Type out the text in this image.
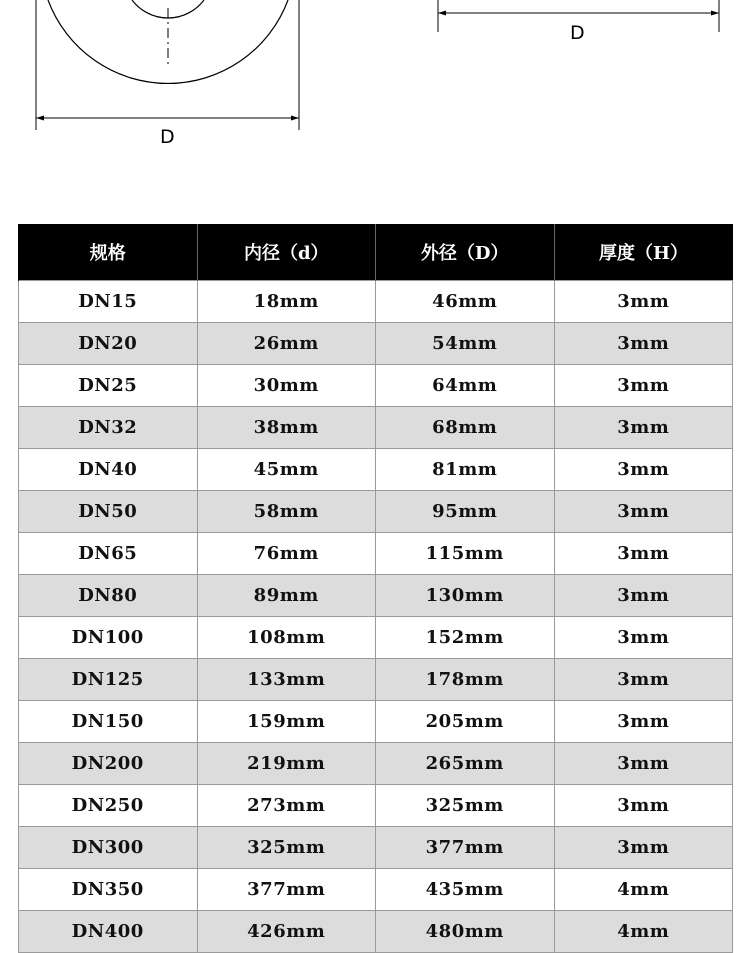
D
D
规格	内径（d）	外径（D）	厚度（H）
DN15	18mm	46mm	3mm
DN20	26mm	54mm	3mm
DN25	30mm	64mm	3mm
DN32	38mm	68mm	3mm
DN40	45mm	81mm	3mm
DN50	58mm	95mm	3mm
DN65	76mm	115mm	3mm
DN80	89mm	130mm	3mm
DN100	108mm	152mm	3mm
DN125	133mm	178mm	3mm
DN150	159mm	205mm	3mm
DN200	219mm	265mm	3mm
DN250	273mm	325mm	3mm
DN300	325mm	377mm	3mm
DN350	377mm	435mm	4mm
DN400	426mm	480mm	4mm
